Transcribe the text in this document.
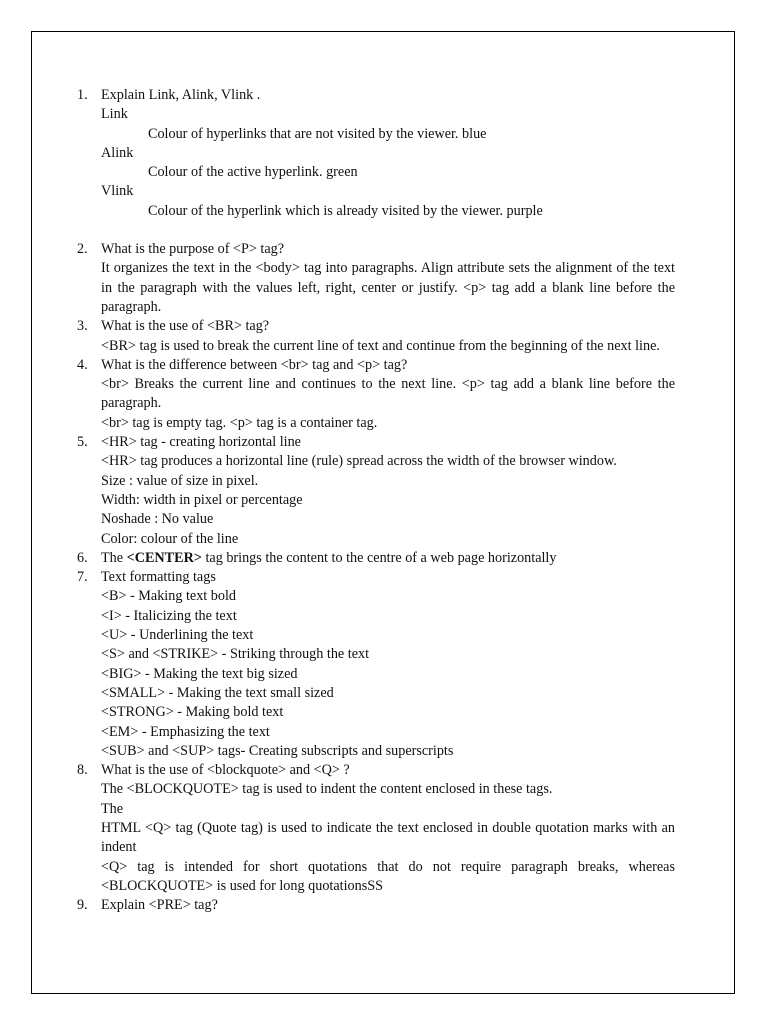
1. Explain Link, Alink, Vlink .
Link
Colour of hyperlinks that are not visited by the viewer. blue
Alink
Colour of the active hyperlink. green
Vlink
Colour of the hyperlink which is already visited by the viewer. purple
2. What is the purpose of <P> tag?
It organizes the text in the <body> tag into paragraphs. Align attribute sets the alignment of the text in the paragraph with the values left, right, center or justify. <p> tag add a blank line before the paragraph.
3. What is the use of <BR> tag?
<BR> tag is used to break the current line of text and continue from the beginning of the next line.
4. What is the difference between <br> tag and <p> tag?
<br> Breaks the current line and continues to the next line. <p> tag add a blank line before the paragraph.
<br> tag is empty tag. <p> tag is a container tag.
5. <HR> tag - creating horizontal line
<HR> tag produces a horizontal line (rule) spread across the width of the browser window.
Size : value of size in pixel.
Width: width in pixel or percentage
Noshade : No value
Color: colour of the line
6. The <CENTER> tag brings the content to the centre of a web page horizontally
7. Text formatting tags
<B> - Making text bold
<I> - Italicizing the text
<U> - Underlining the text
<S> and <STRIKE> - Striking through the text
<BIG> - Making the text big sized
<SMALL> - Making the text small sized
<STRONG> - Making bold text
<EM> - Emphasizing the text
<SUB> and <SUP> tags- Creating subscripts and superscripts
8. What is the use of <blockquote> and <Q> ?
The <BLOCKQUOTE> tag is used to indent the content enclosed in these tags.
The
HTML <Q> tag (Quote tag) is used to indicate the text enclosed in double quotation marks with an indent
<Q> tag is intended for short quotations that do not require paragraph breaks, whereas <BLOCKQUOTE> is used for long quotationsSS
9. Explain <PRE> tag?
